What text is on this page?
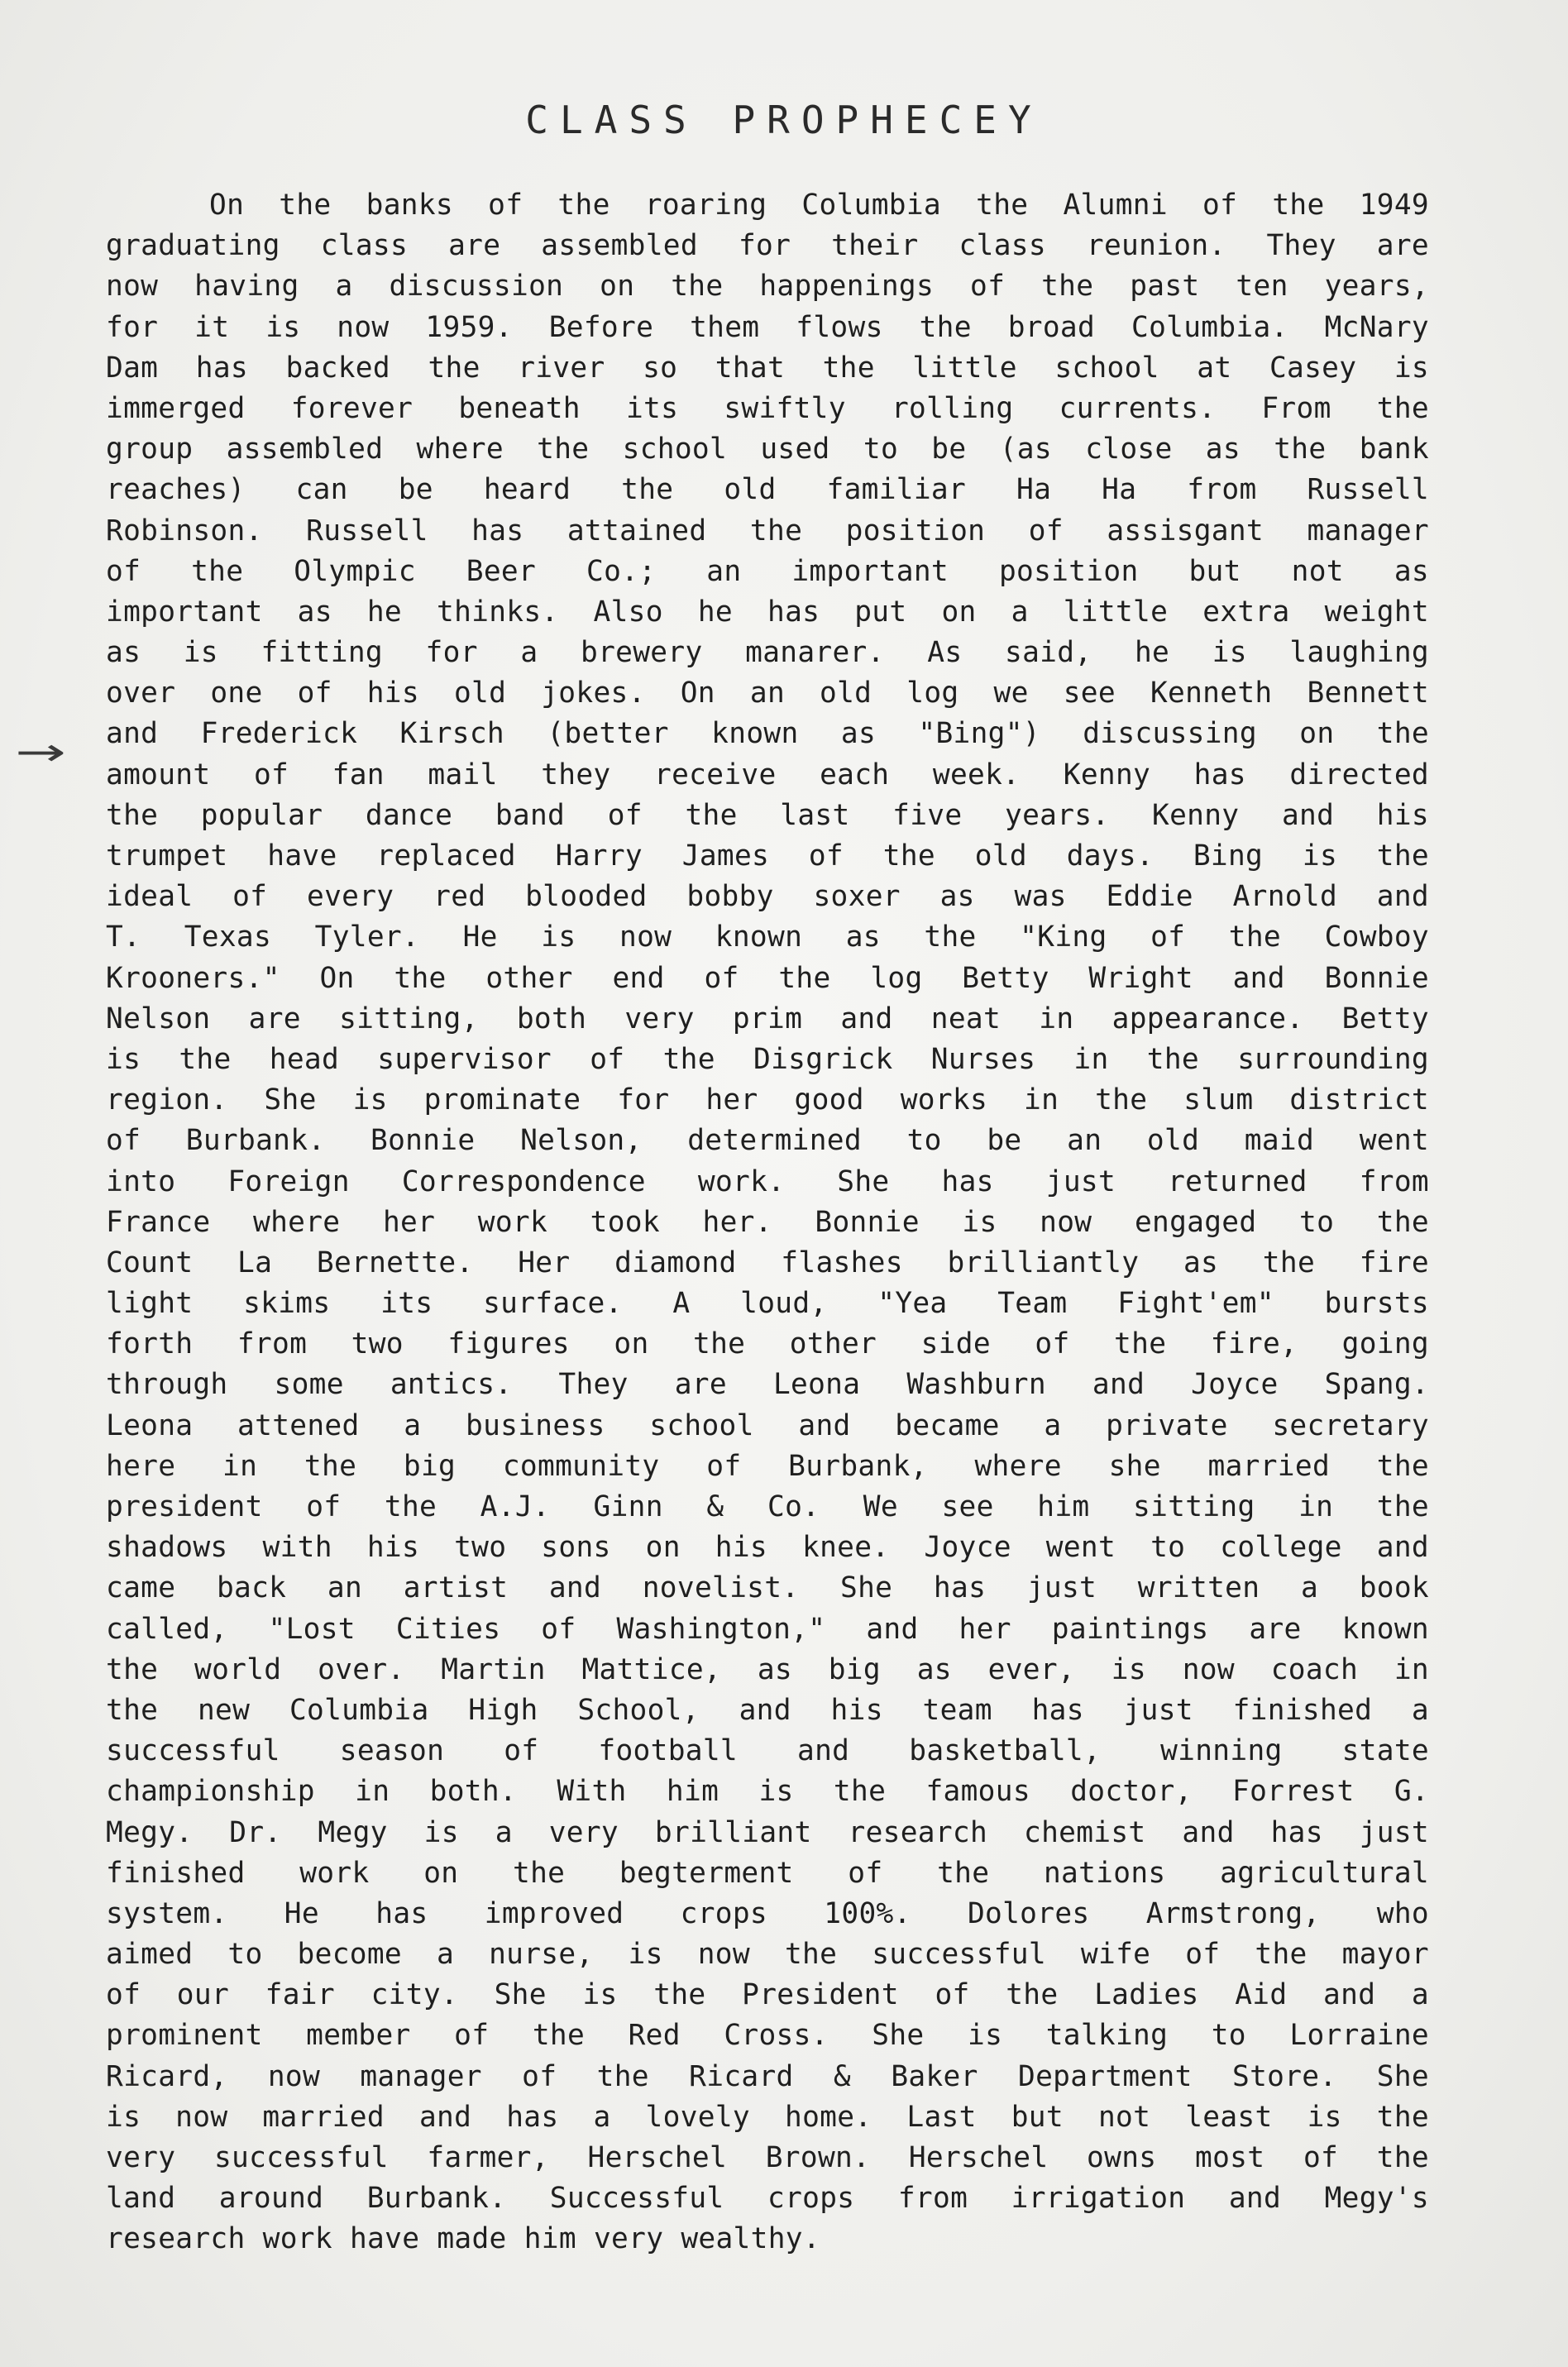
CLASS PROPHECEY
→
On the banks of the roaring Columbia the Alumni of the 1949
graduating class are assembled for their class reunion. They are
now having a discussion on the happenings of the past ten years,
for it is now 1959. Before them flows the broad Columbia. McNary
Dam has backed the river so that the little school at Casey is
immerged forever beneath its swiftly rolling currents. From the
group assembled where the school used to be (as close as the bank
reaches) can be heard the old familiar Ha Ha from Russell
Robinson. Russell has attained the position of assisgant manager
of the Olympic Beer Co.; an important position but not as
important as he thinks. Also he has put on a little extra weight
as is fitting for a brewery manarer. As said, he is laughing
over one of his old jokes. On an old log we see Kenneth Bennett
and Frederick Kirsch (better known as "Bing") discussing on the
amount of fan mail they receive each week. Kenny has directed
the popular dance band of the last five years. Kenny and his
trumpet have replaced Harry James of the old days. Bing is the
ideal of every red blooded bobby soxer as was Eddie Arnold and
T. Texas Tyler. He is now known as the "King of the Cowboy
Krooners." On the other end of the log Betty Wright and Bonnie
Nelson are sitting, both very prim and neat in appearance. Betty
is the head supervisor of the Disgrick Nurses in the surrounding
region. She is prominate for her good works in the slum district
of Burbank. Bonnie Nelson, determined to be an old maid went
into Foreign Correspondence work. She has just returned from
France where her work took her. Bonnie is now engaged to the
Count La Bernette. Her diamond flashes brilliantly as the fire
light skims its surface. A loud, "Yea Team Fight'em" bursts
forth from two figures on the other side of the fire, going
through some antics. They are Leona Washburn and Joyce Spang.
Leona attened a business school and became a private secretary
here in the big community of Burbank, where she married the
president of the A.J. Ginn & Co. We see him sitting in the
shadows with his two sons on his knee. Joyce went to college and
came back an artist and novelist. She has just written a book
called, "Lost Cities of Washington," and her paintings are known
the world over. Martin Mattice, as big as ever, is now coach in
the new Columbia High School, and his team has just finished a
successful season of football and basketball, winning state
championship in both. With him is the famous doctor, Forrest G.
Megy. Dr. Megy is a very brilliant research chemist and has just
finished work on the begterment of the nations agricultural
system. He has improved crops 100%. Dolores Armstrong, who
aimed to become a nurse, is now the successful wife of the mayor
of our fair city. She is the President of the Ladies Aid and a
prominent member of the Red Cross. She is talking to Lorraine
Ricard, now manager of the Ricard & Baker Department Store. She
is now married and has a lovely home. Last but not least is the
very successful farmer, Herschel Brown. Herschel owns most of the
land around Burbank. Successful crops from irrigation and Megy's
research work have made him very wealthy.
